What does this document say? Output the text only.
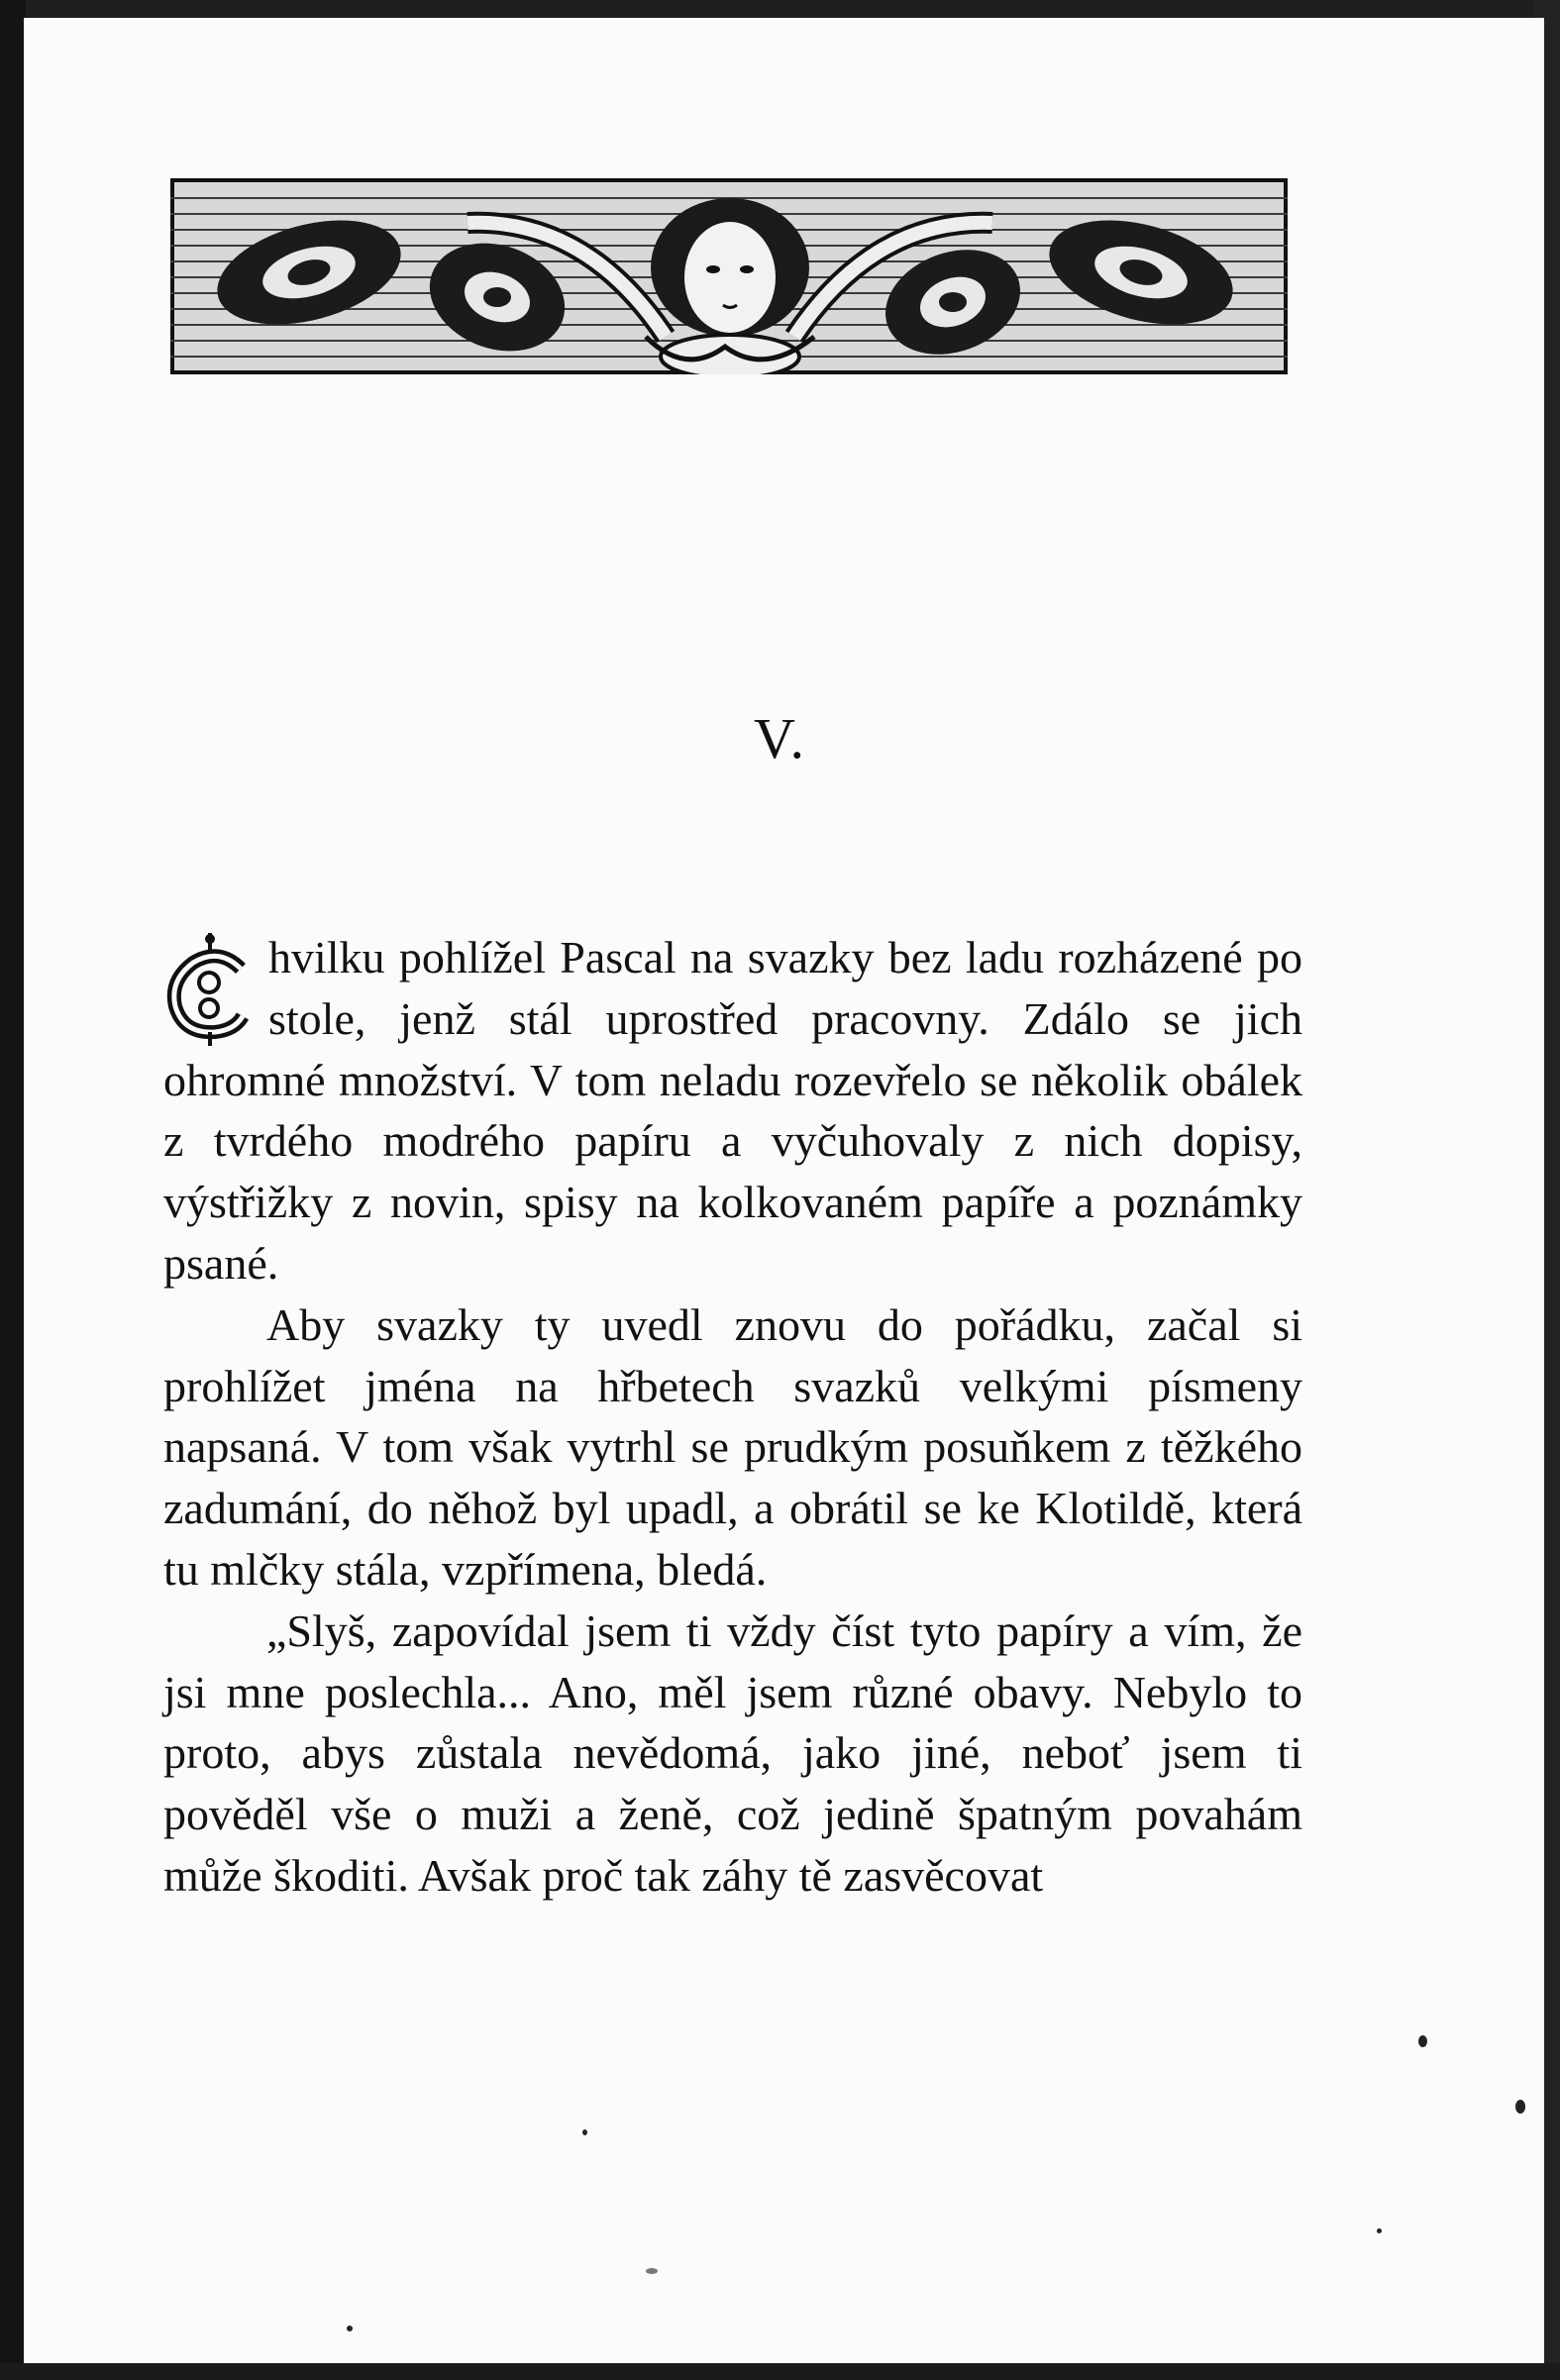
V.

C
hvilku pohlížel Pascal na svazky bez ladu rozházené po stole, jenž stál uprostřed pracovny. Zdálo se jich ohromné množství. V tom neladu rozevřelo se několik obálek z tvrdého modrého papíru a vyčuhovaly z nich dopisy, výstřižky z novin, spisy na kolkovaném papíře a poznámky psané.

Aby svazky ty uvedl znovu do pořádku, začal si prohlížet jména na hřbetech svazků velkými písmeny napsaná. V tom však vytrhl se prudkým posuňkem z těžkého zadumání, do něhož byl upadl, a obrátil se ke Klotildě, která tu mlčky stála, vzpřímena, bledá.

„Slyš, zapovídal jsem ti vždy číst tyto papíry a vím, že jsi mne poslechla... Ano, měl jsem různé obavy. Nebylo to proto, abys zůstala nevědomá, jako jiné, neboť jsem ti pověděl vše o muži a ženě, což jedině špatným povahám může škoditi. Avšak proč tak záhy tě zasvěcovat
